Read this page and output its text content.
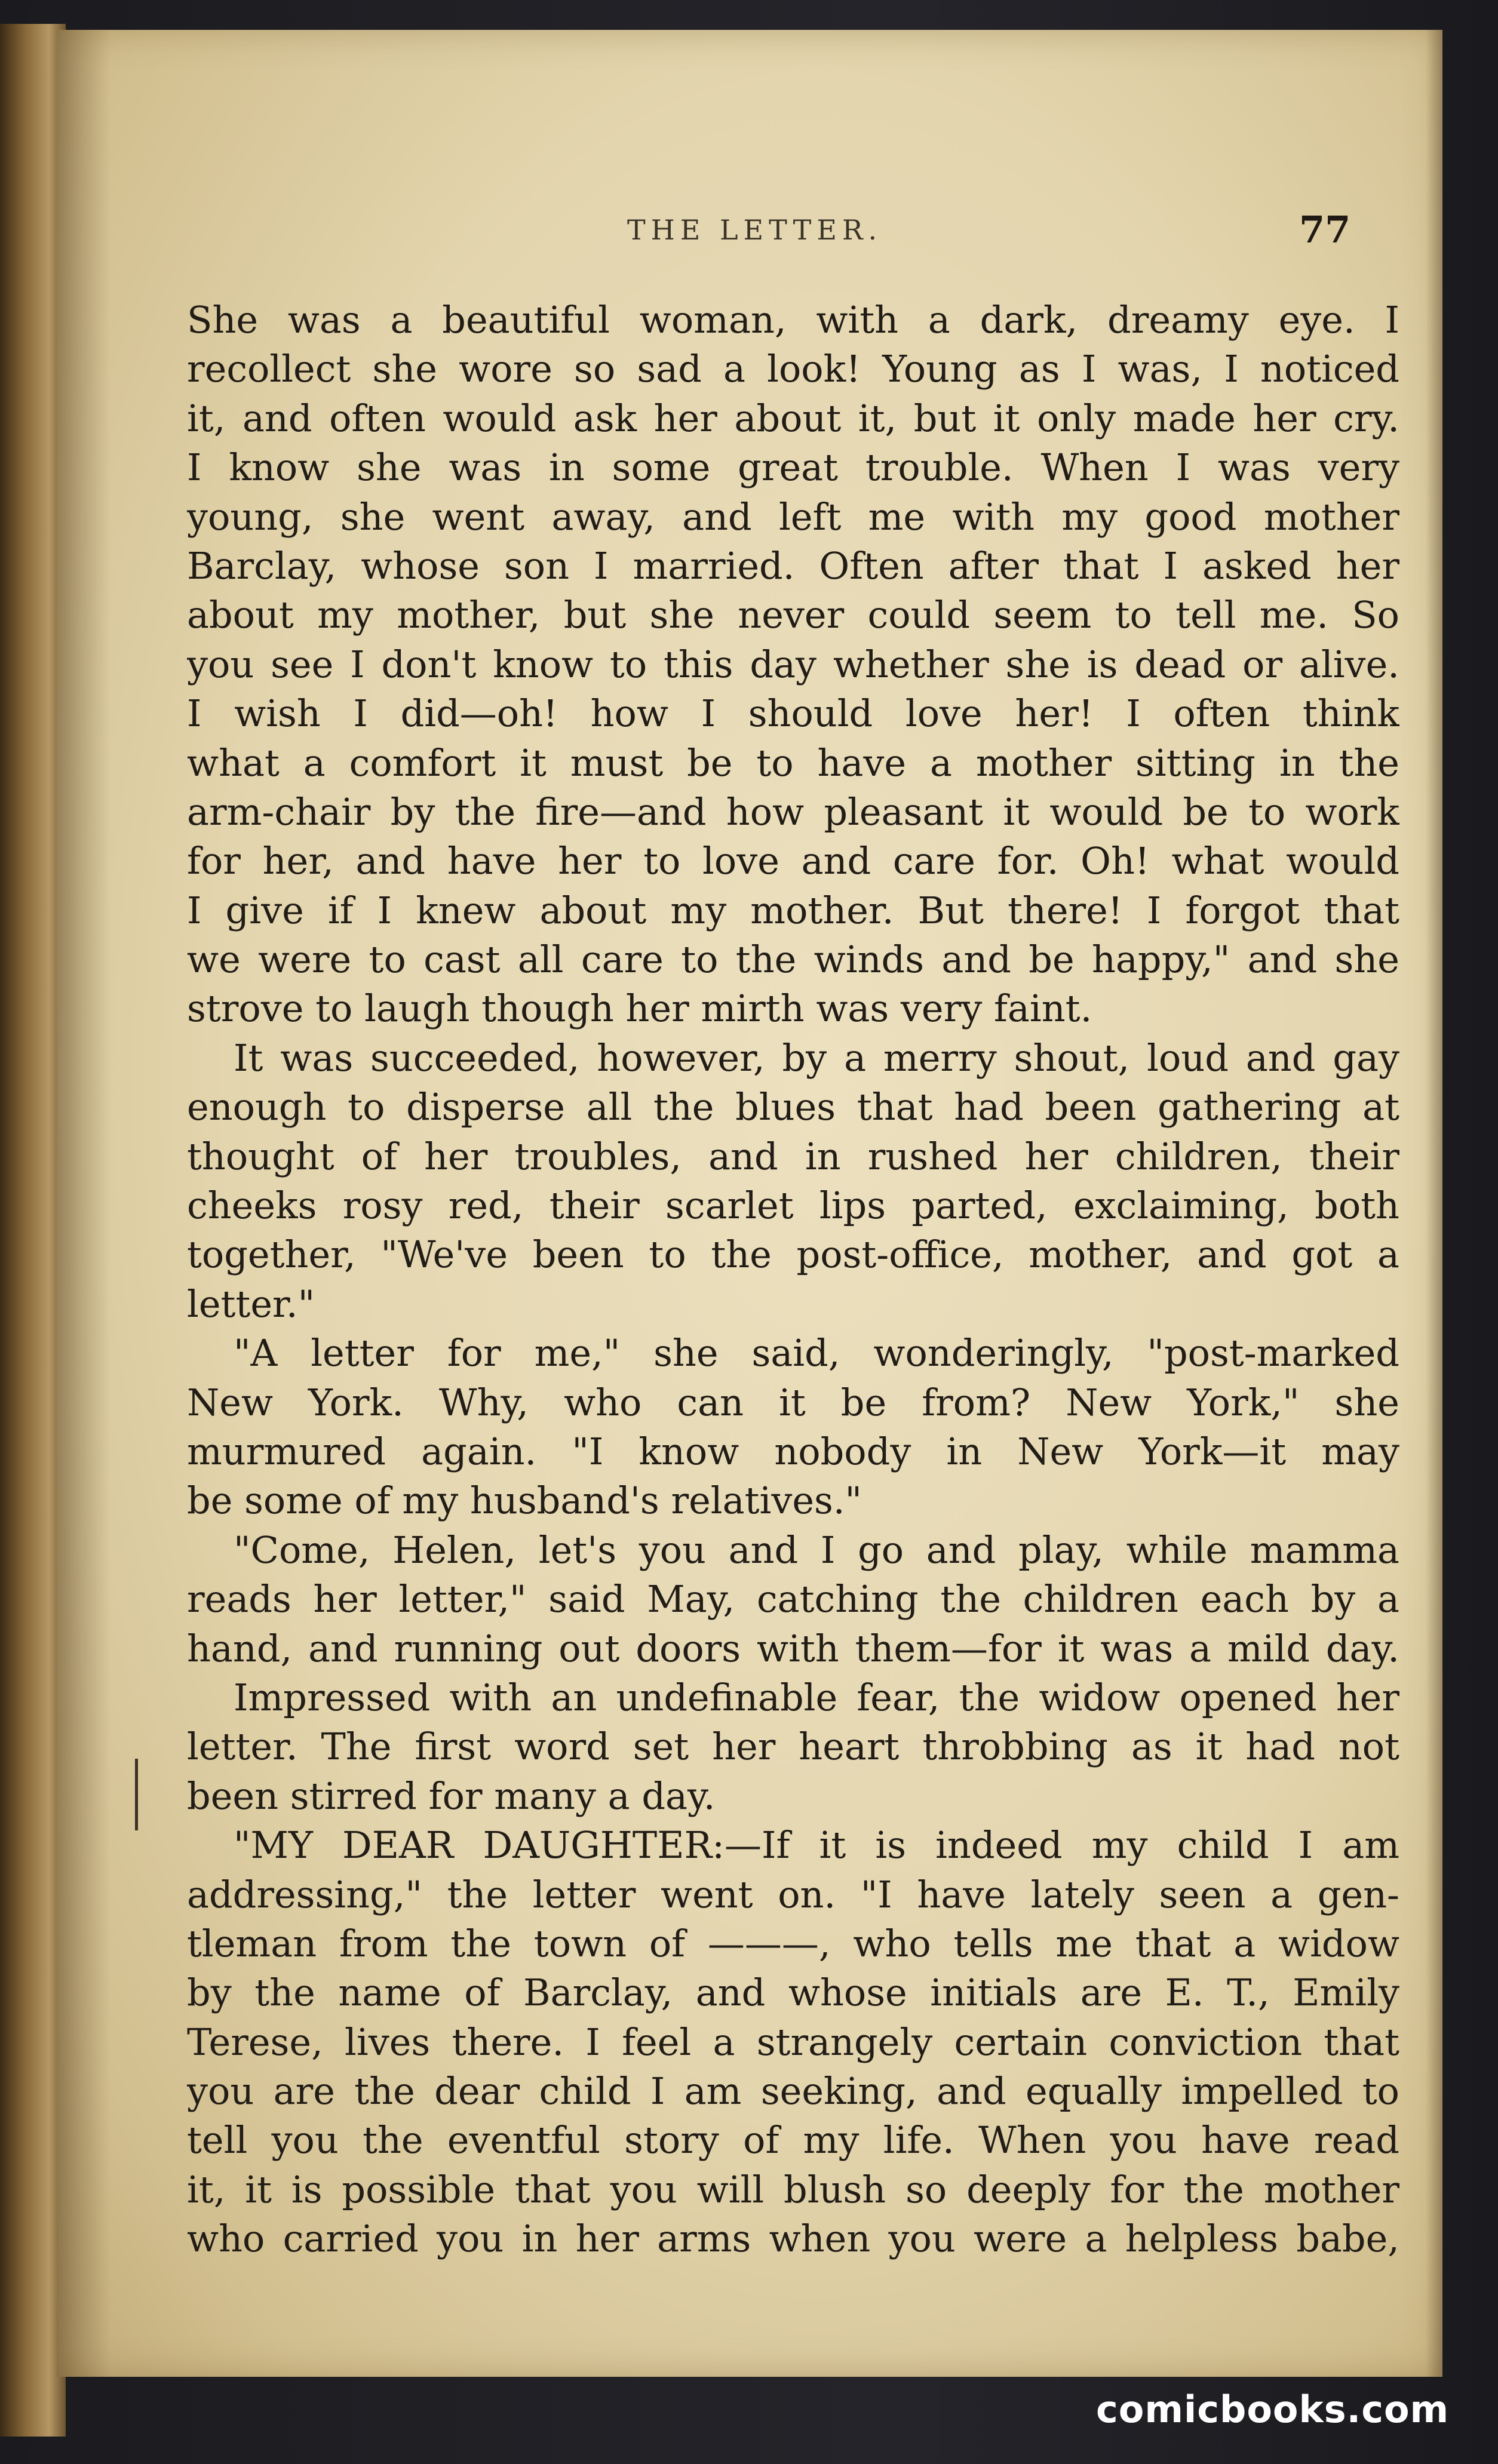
THE LETTER.	77
She was a beautiful woman, with a dark, dreamy eye. I
recollect she wore so sad a look! Young as I was, I noticed
it, and often would ask her about it, but it only made her cry.
I know she was in some great trouble. When I was very
young, she went away, and left me with my good mother
Barclay, whose son I married. Often after that I asked her
about my mother, but she never could seem to tell me. So
you see I don't know to this day whether she is dead or alive.
I wish I did—oh! how I should love her! I often think
what a comfort it must be to have a mother sitting in the
arm-chair by the fire—and how pleasant it would be to work
for her, and have her to love and care for. Oh! what would
I give if I knew about my mother. But there! I forgot that
we were to cast all care to the winds and be happy," and she
strove to laugh though her mirth was very faint.
It was succeeded, however, by a merry shout, loud and gay
enough to disperse all the blues that had been gathering at
thought of her troubles, and in rushed her children, their
cheeks rosy red, their scarlet lips parted, exclaiming, both
together, "We've been to the post-office, mother, and got a
letter."
"A letter for me," she said, wonderingly, "post-marked
New York. Why, who can it be from? New York," she
murmured again. "I know nobody in New York—it may
be some of my husband's relatives."
"Come, Helen, let's you and I go and play, while mamma
reads her letter," said May, catching the children each by a
hand, and running out doors with them—for it was a mild day.
Impressed with an undefinable fear, the widow opened her
letter. The first word set her heart throbbing as it had not
been stirred for many a day.
"MY DEAR DAUGHTER:—If it is indeed my child I am
addressing," the letter went on. "I have lately seen a gen-
tleman from the town of ———, who tells me that a widow
by the name of Barclay, and whose initials are E. T., Emily
Terese, lives there. I feel a strangely certain conviction that
you are the dear child I am seeking, and equally impelled to
tell you the eventful story of my life. When you have read
it, it is possible that you will blush so deeply for the mother
who carried you in her arms when you were a helpless babe,
comicbooks.com
